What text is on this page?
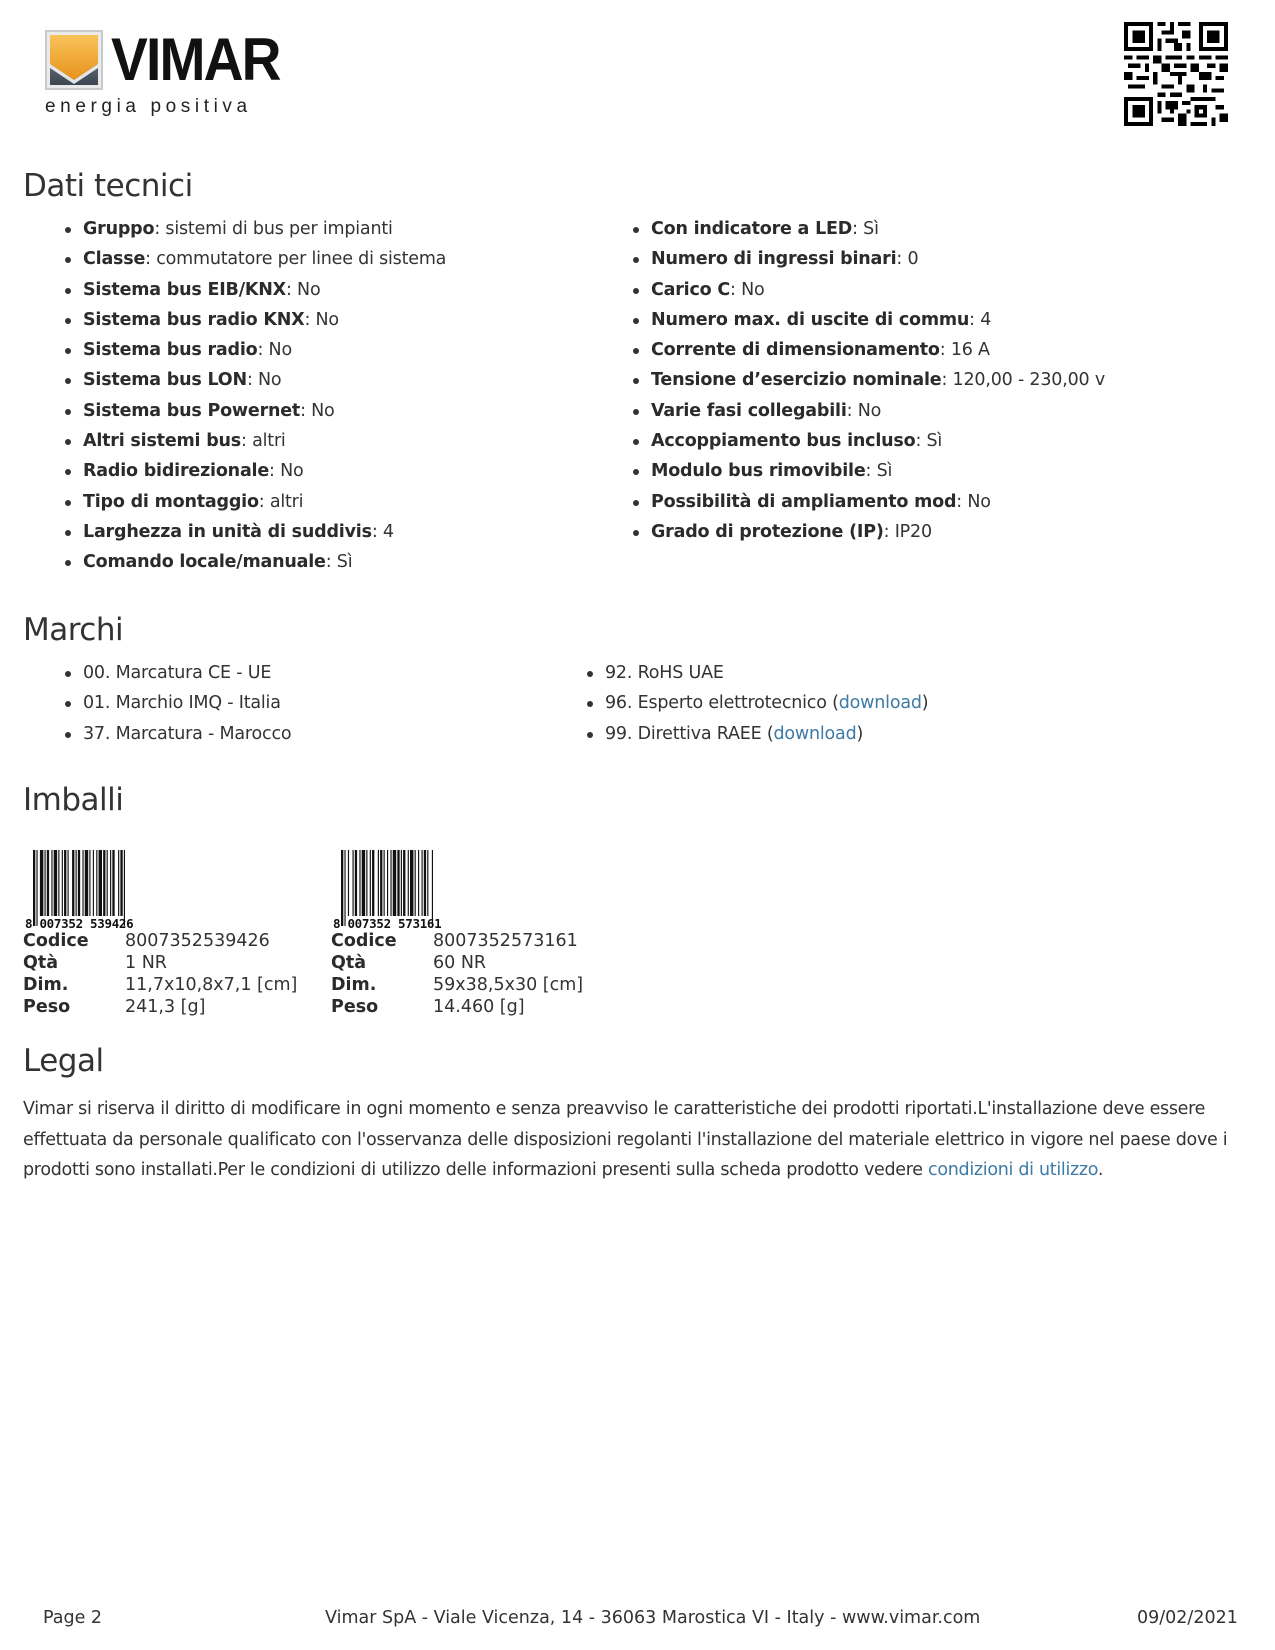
VIMAR
energia positiva
Dati tecnici
Gruppo: sistemi di bus per impianti
Classe: commutatore per linee di sistema
Sistema bus EIB/KNX: No
Sistema bus radio KNX: No
Sistema bus radio: No
Sistema bus LON: No
Sistema bus Powernet: No
Altri sistemi bus: altri
Radio bidirezionale: No
Tipo di montaggio: altri
Larghezza in unità di suddivis: 4
Comando locale/manuale: Sì
Con indicatore a LED: Sì
Numero di ingressi binari: 0
Carico C: No
Numero max. di uscite di commu: 4
Corrente di dimensionamento: 16 A
Tensione d’esercizio nominale: 120,00 - 230,00 v
Varie fasi collegabili: No
Accoppiamento bus incluso: Sì
Modulo bus rimovibile: Sì
Possibilità di ampliamento mod: No
Grado di protezione (IP): IP20
Marchi
00. Marcatura CE - UE
01. Marchio IMQ - Italia
37. Marcatura - Marocco
92. RoHS UAE
96. Esperto elettrotecnico (download)
99. Direttiva RAEE (download)
Imballi
8 007352 539426
Codice	8007352539426
Qtà	1 NR
Dim.	11,7x10,8x7,1 [cm]
Peso	241,3 [g]
8 007352 573161
Codice	8007352573161
Qtà	60 NR
Dim.	59x38,5x30 [cm]
Peso	14.460 [g]
Legal

Vimar si riserva il diritto di modificare in ogni momento e senza preavviso le caratteristiche dei prodotti riportati.L'installazione deve essere effettuata da personale qualificato con l'osservanza delle disposizioni regolanti l'installazione del materiale elettrico in vigore nel paese dove i prodotti sono installati.Per le condizioni di utilizzo delle informazioni presenti sulla scheda prodotto vedere condizioni di utilizzo.

Page 2	Vimar SpA - Viale Vicenza, 14 - 36063 Marostica VI - Italy - www.vimar.com	09/02/2021
